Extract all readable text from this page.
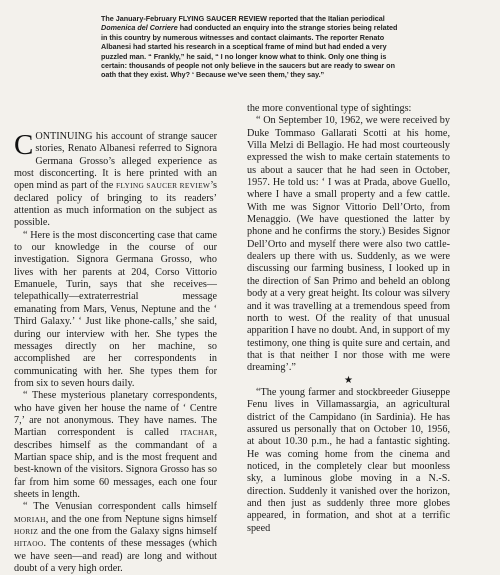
The January-February FLYING SAUCER REVIEW reported that the Italian periodical Domenica del Corriere had conducted an enquiry into the strange stories being related in this country by numerous witnesses and contact claimants. The reporter Renato Albanesi had started his research in a sceptical frame of mind but had ended a very puzzled man. “ Frankly,” he said, “ I no longer know what to think. Only one thing is certain: thousands of people not only believe in the saucers but are ready to swear on oath that they exist. Why? ‘ Because we’ve seen them,’ they say.”

CONTINUING his account of strange saucer stories, Renato Albanesi referred to Signora Germana Grosso’s alleged experience as most disconcerting. It is here printed with an open mind as part of the FLYING SAUCER REVIEW’s declared policy of bringing to its readers’ attention as much information on the subject as possible.

“ Here is the most disconcerting case that came to our knowledge in the course of our investigation. Signora Germana Grosso, who lives with her parents at 204, Corso Vittorio Emanuele, Turin, says that she receives—telepathically—extraterrestrial message emanating from Mars, Venus, Neptune and the ‘ Third Galaxy.’ ‘ Just like phone-calls,’ she said, during our interview with her. She types the messages directly on her machine, so accomplished are her correspondents in communicating with her. She types them for from six to seven hours daily.

“ These mysterious planetary correspondents, who have given her house the name of ‘ Centre 7,’ are not anonymous. They have names. The Martian correspondent is called ITACHAR, describes himself as the commandant of a Martian space ship, and is the most frequent and best-known of the visitors. Signora Grosso has so far from him some 60 messages, each one four sheets in length.

“ The Venusian correspondent calls himself MORIAH, and the one from Neptune signs himself HORIZ and the one from the Galaxy signs himself HITAOO. The contents of these messages (which we have seen—and read) are long and without doubt of a very high order.

the more conventional type of sightings:

“ On September 10, 1962, we were received by Duke Tommaso Gallarati Scotti at his home, Villa Melzi di Bellagio. He had most courteously expressed the wish to make certain statements to us about a saucer that he had seen in October, 1957. He told us: ‘ I was at Prada, above Guello, where I have a small property and a few cattle. With me was Signor Vittorio Dell’Orto, from Menaggio. (We have questioned the latter by phone and he confirms the story.) Besides Signor Dell’Orto and myself there were also two cattle-dealers up there with us. Suddenly, as we were discussing our farming business, I looked up in the direction of San Primo and beheld an oblong body at a very great height. Its colour was silvery and it was travelling at a tremendous speed from north to west. Of the reality of that unusual apparition I have no doubt. And, in support of my testimony, one thing is quite sure and certain, and that is that neither I nor those with me were dreaming’.”

★

“The young farmer and stockbreeder Giuseppe Fenu lives in Villamassargia, an agricultural district of the Campidano (in Sardinia). He has assured us personally that on October 10, 1956, at about 10.30 p.m., he had a fantastic sighting. He was coming home from the cinema and noticed, in the completely clear but moonless sky, a luminous globe moving in a N.-S. direction. Suddenly it vanished over the horizon, and then just as suddenly three more globes appeared, in formation, and shot at a terrific speed
